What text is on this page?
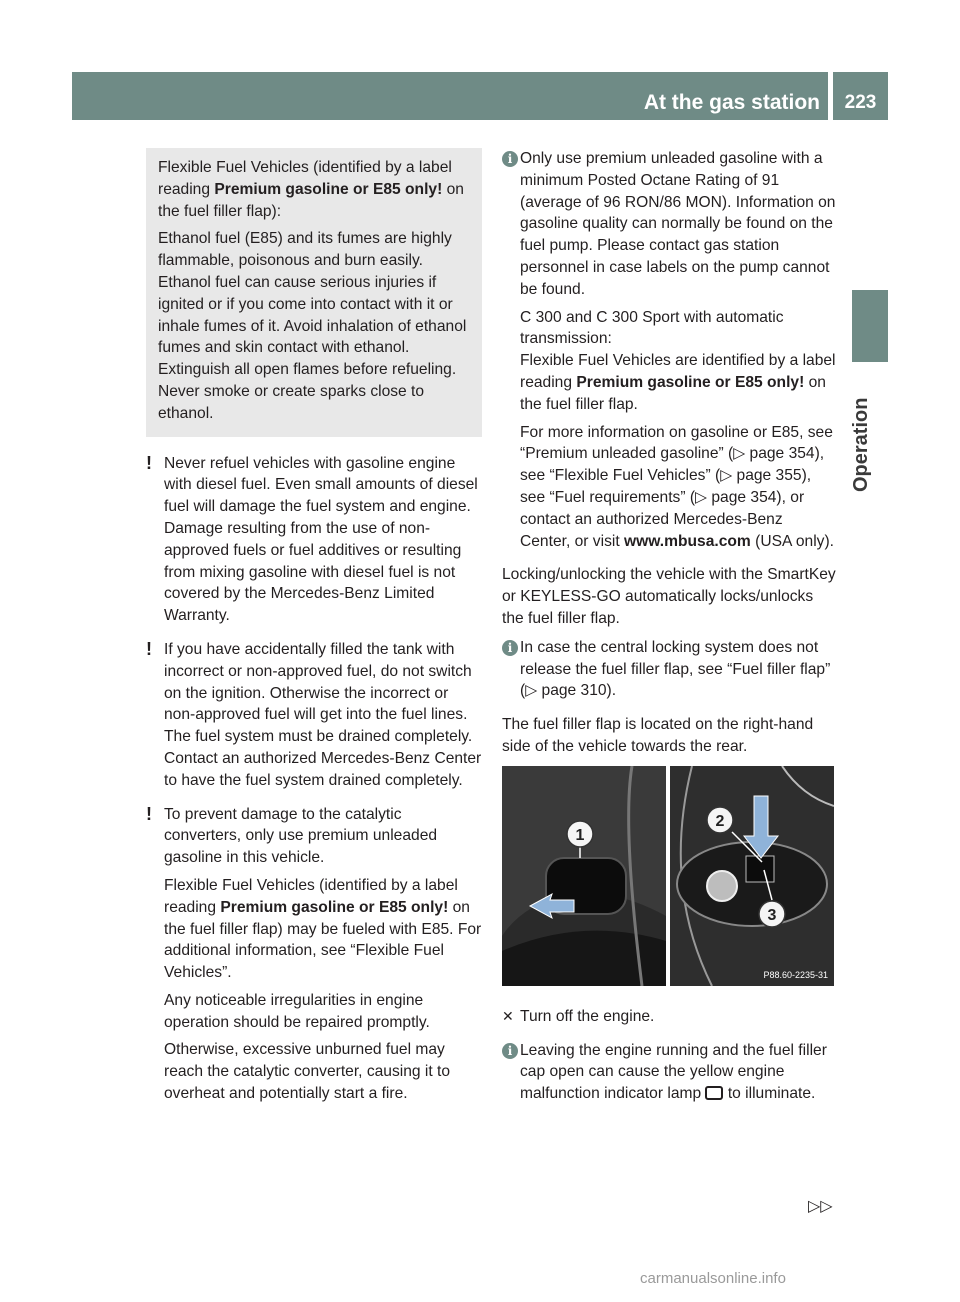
At the gas station	223
Operation

Flexible Fuel Vehicles (identified by a label reading Premium gasoline or E85 only! on the fuel filler flap):

Ethanol fuel (E85) and its fumes are highly flammable, poisonous and burn easily. Ethanol fuel can cause serious injuries if ignited or if you come into contact with it or inhale fumes of it. Avoid inhalation of ethanol fumes and skin contact with ethanol. Extinguish all open flames before refueling. Never smoke or create sparks close to ethanol.

! Never refuel vehicles with gasoline engine with diesel fuel. Even small amounts of diesel fuel will damage the fuel system and engine. Damage resulting from the use of non-approved fuels or fuel additives or resulting from mixing gasoline with diesel fuel is not covered by the Mercedes-Benz Limited Warranty.

! If you have accidentally filled the tank with incorrect or non-approved fuel, do not switch on the ignition. Otherwise the incorrect or non-approved fuel will get into the fuel lines. The fuel system must be drained completely. Contact an authorized Mercedes-Benz Center to have the fuel system drained completely.

! To prevent damage to the catalytic converters, only use premium unleaded gasoline in this vehicle.

Flexible Fuel Vehicles (identified by a label reading Premium gasoline or E85 only! on the fuel filler flap) may be fueled with E85. For additional information, see “Flexible Fuel Vehicles”.

Any noticeable irregularities in engine operation should be repaired promptly.

Otherwise, excessive unburned fuel may reach the catalytic converter, causing it to overheat and potentially start a fire.

i Only use premium unleaded gasoline with a minimum Posted Octane Rating of 91 (average of 96 RON/86 MON). Information on gasoline quality can normally be found on the fuel pump. Please contact gas station personnel in case labels on the pump cannot be found.

C 300 and C 300 Sport with automatic transmission:
Flexible Fuel Vehicles are identified by a label reading Premium gasoline or E85 only! on the fuel filler flap.

For more information on gasoline or E85, see “Premium unleaded gasoline” (▷ page 354), see “Flexible Fuel Vehicles” (▷ page 355), see “Fuel requirements” (▷ page 354), or contact an authorized Mercedes-Benz Center, or visit www.mbusa.com (USA only).

Locking/unlocking the vehicle with the SmartKey or KEYLESS-GO automatically locks/unlocks the fuel filler flap.

i In case the central locking system does not release the fuel filler flap, see “Fuel filler flap” (▷ page 310).

The fuel filler flap is located on the right-hand side of the vehicle towards the rear.

1
2
3
P88.60-2235-31
✕ Turn off the engine.

i Leaving the engine running and the fuel filler cap open can cause the yellow engine malfunction indicator lamp  to illuminate.

▷▷
carmanualsonline.info
